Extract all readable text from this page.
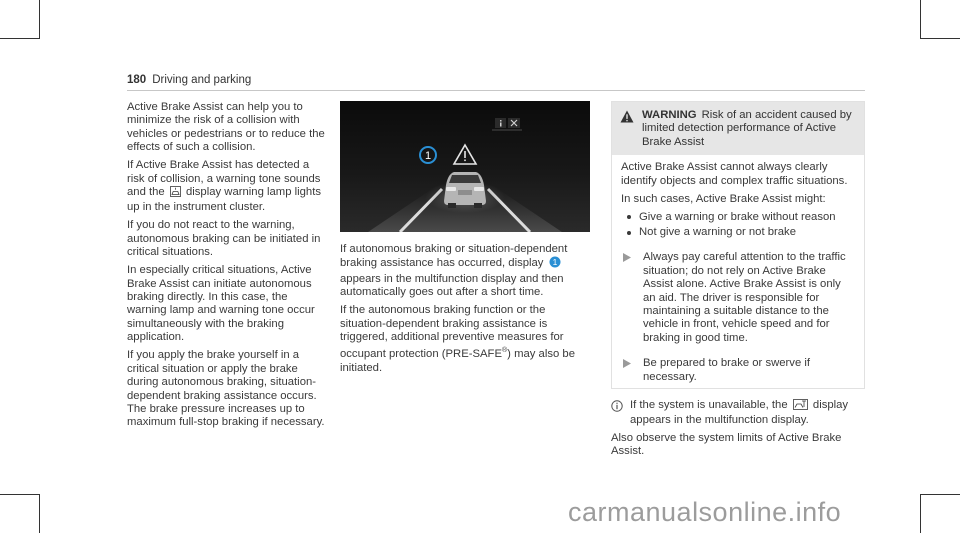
180 Driving and parking

Active Brake Assist can help you to minimize the risk of a collision with vehicles or pedestrians or to reduce the effects of such a collision.

If Active Brake Assist has detected a risk of collision, a warning tone sounds and the display warning lamp lights up in the instrument cluster.

If you do not react to the warning, autonomous braking can be initiated in critical situations.

In especially critical situations, Active Brake Assist can initiate autonomous braking directly. In this case, the warning lamp and warning tone occur simultaneously with the braking application.

If you apply the brake yourself in a critical situation or apply the brake during autonomous braking, situation-dependent braking assistance occurs. The brake pressure increases up to maximum full-stop braking if necessary.

1

If autonomous braking or situation-dependent braking assistance has occurred, display 1
appears in the multifunction display and then automatically goes out after a short time.

If the autonomous braking function or the situation-dependent braking assistance is triggered, additional preventive measures for occupant protection (PRE-SAFE®) may also be initiated.

WARNING Risk of an accident caused by limited detection performance of Active Brake Assist

Active Brake Assist cannot always clearly identify objects and complex traffic situations.

In such cases, Active Brake Assist might:

Give a warning or brake without reason
Not give a warning or not brake
Always pay careful attention to the traffic situation; do not rely on Active Brake Assist alone. Active Brake Assist is only an aid. The driver is responsible for maintaining a suitable distance to the vehicle in front, vehicle speed and for braking in good time.
Be prepared to brake or swerve if necessary.
If the system is unavailable, the display appears in the multifunction display.

Also observe the system limits of Active Brake Assist.

carmanualsonline.info
